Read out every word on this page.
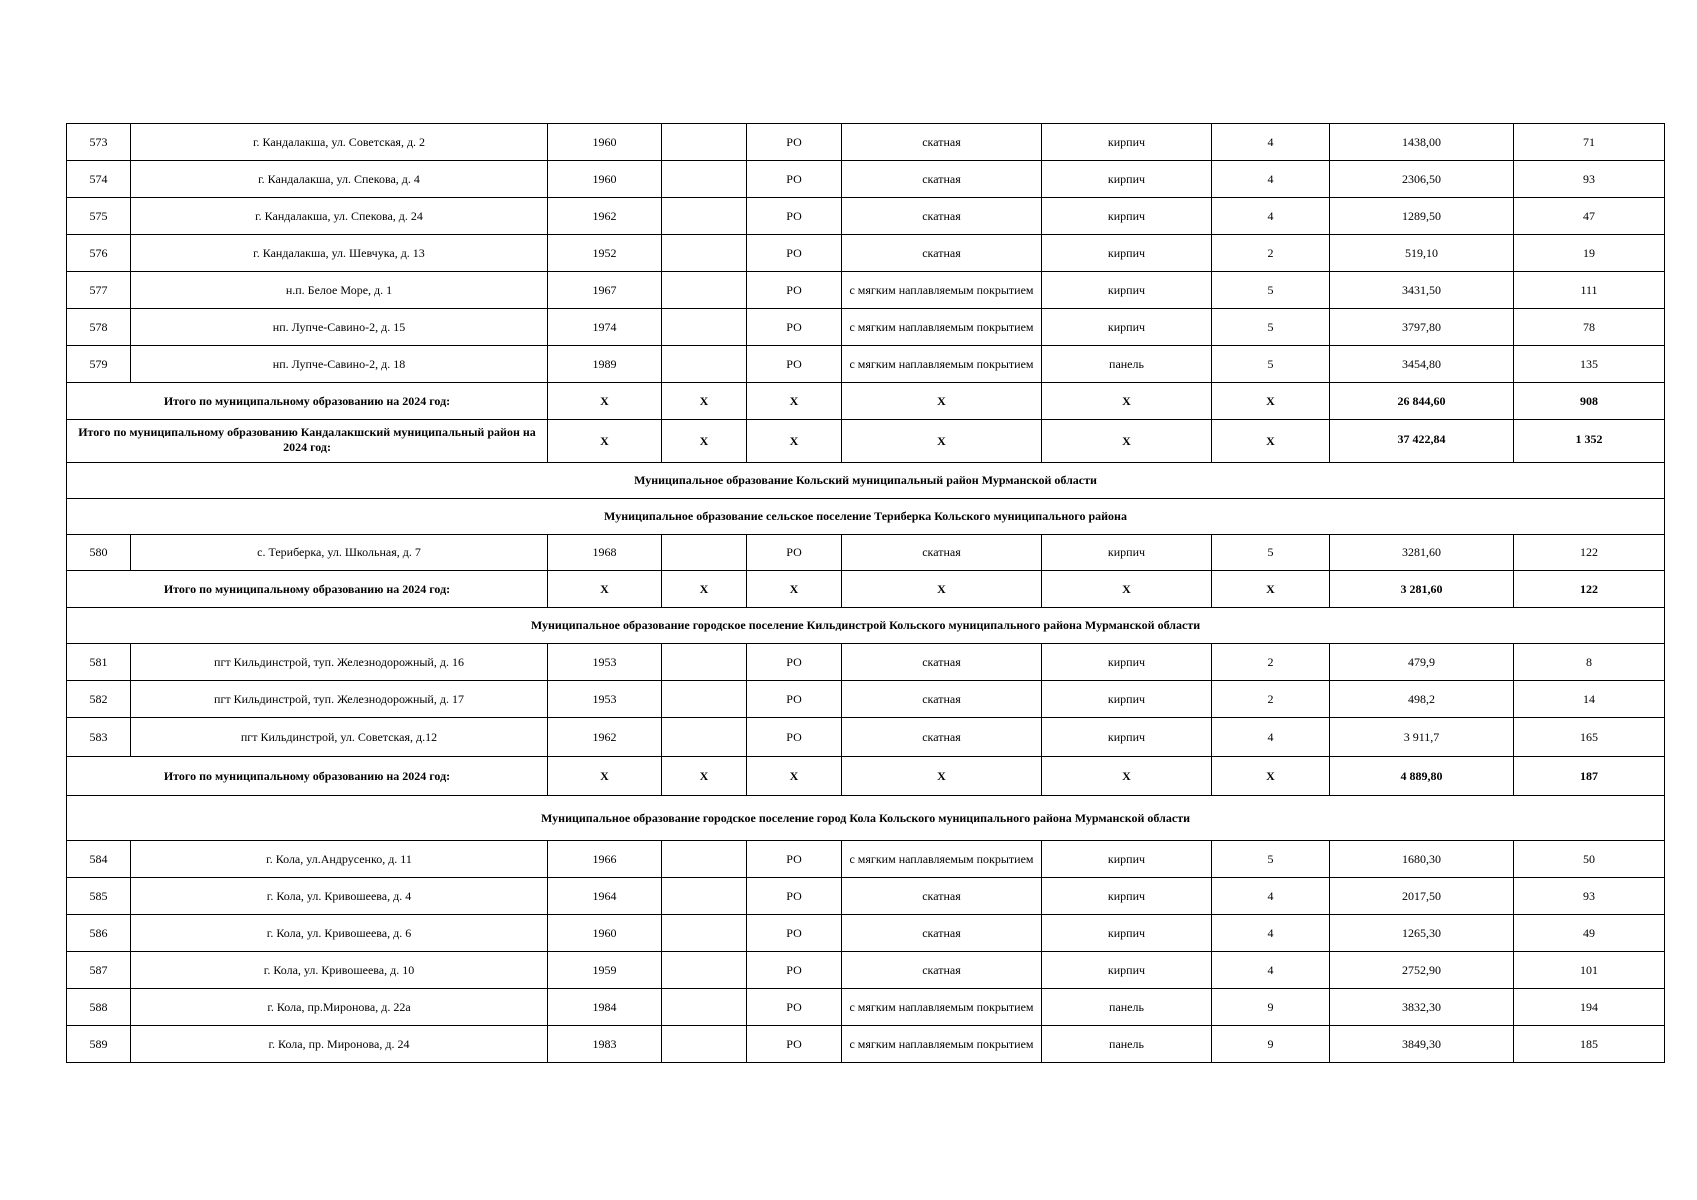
573	г. Кандалакша, ул. Советская, д. 2	1960		РО	скатная	кирпич	4	1438,00	71
574	г. Кандалакша, ул. Спекова, д. 4	1960		РО	скатная	кирпич	4	2306,50	93
575	г. Кандалакша, ул. Спекова, д. 24	1962		РО	скатная	кирпич	4	1289,50	47
576	г. Кандалакша, ул. Шевчука, д. 13	1952		РО	скатная	кирпич	2	519,10	19
577	н.п. Белое Море, д. 1	1967		РО	с мягким наплавляемым покрытием	кирпич	5	3431,50	111
578	нп. Лупче-Савино-2, д. 15	1974		РО	с мягким наплавляемым покрытием	кирпич	5	3797,80	78
579	нп. Лупче-Савино-2, д. 18	1989		РО	с мягким наплавляемым покрытием	панель	5	3454,80	135
Итого по муниципальному образованию на 2024 год:		X	X	X	X	X	X	26 844,60	908
Итого по муниципальному образованию Кандалакшский муниципальный район на 2024 год:		X	X	X	X	X	X	37 422,84	1 352
Муниципальное образование Кольский муниципальный район Мурманской области									
Муниципальное образование сельское поселение Териберка Кольского муниципального района									
580	с. Териберка, ул. Школьная, д. 7	1968		РО	скатная	кирпич	5	3281,60	122
Итого по муниципальному образованию на 2024 год:		X	X	X	X	X	X	3 281,60	122
Муниципальное образование городское поселение Кильдинстрой Кольского муниципального района Мурманской области									
581	пгт Кильдинстрой, туп. Железнодорожный, д. 16	1953		РО	скатная	кирпич	2	479,9	8
582	пгт Кильдинстрой, туп. Железнодорожный, д. 17	1953		РО	скатная	кирпич	2	498,2	14
583	пгт Кильдинстрой, ул. Советская, д.12	1962		РО	скатная	кирпич	4	3 911,7	165
Итого по муниципальному образованию на 2024 год:		X	X	X	X	X	X	4 889,80	187
Муниципальное образование городское поселение город Кола Кольского муниципального района Мурманской области									
584	г. Кола, ул.Андрусенко, д. 11	1966		РО	с мягким наплавляемым покрытием	кирпич	5	1680,30	50
585	г. Кола, ул. Кривошеева, д. 4	1964		РО	скатная	кирпич	4	2017,50	93
586	г. Кола, ул. Кривошеева, д. 6	1960		РО	скатная	кирпич	4	1265,30	49
587	г. Кола, ул. Кривошеева, д. 10	1959		РО	скатная	кирпич	4	2752,90	101
588	г. Кола, пр.Миронова, д. 22а	1984		РО	с мягким наплавляемым покрытием	панель	9	3832,30	194
589	г. Кола, пр. Миронова, д. 24	1983		РО	с мягким наплавляемым покрытием	панель	9	3849,30	185
